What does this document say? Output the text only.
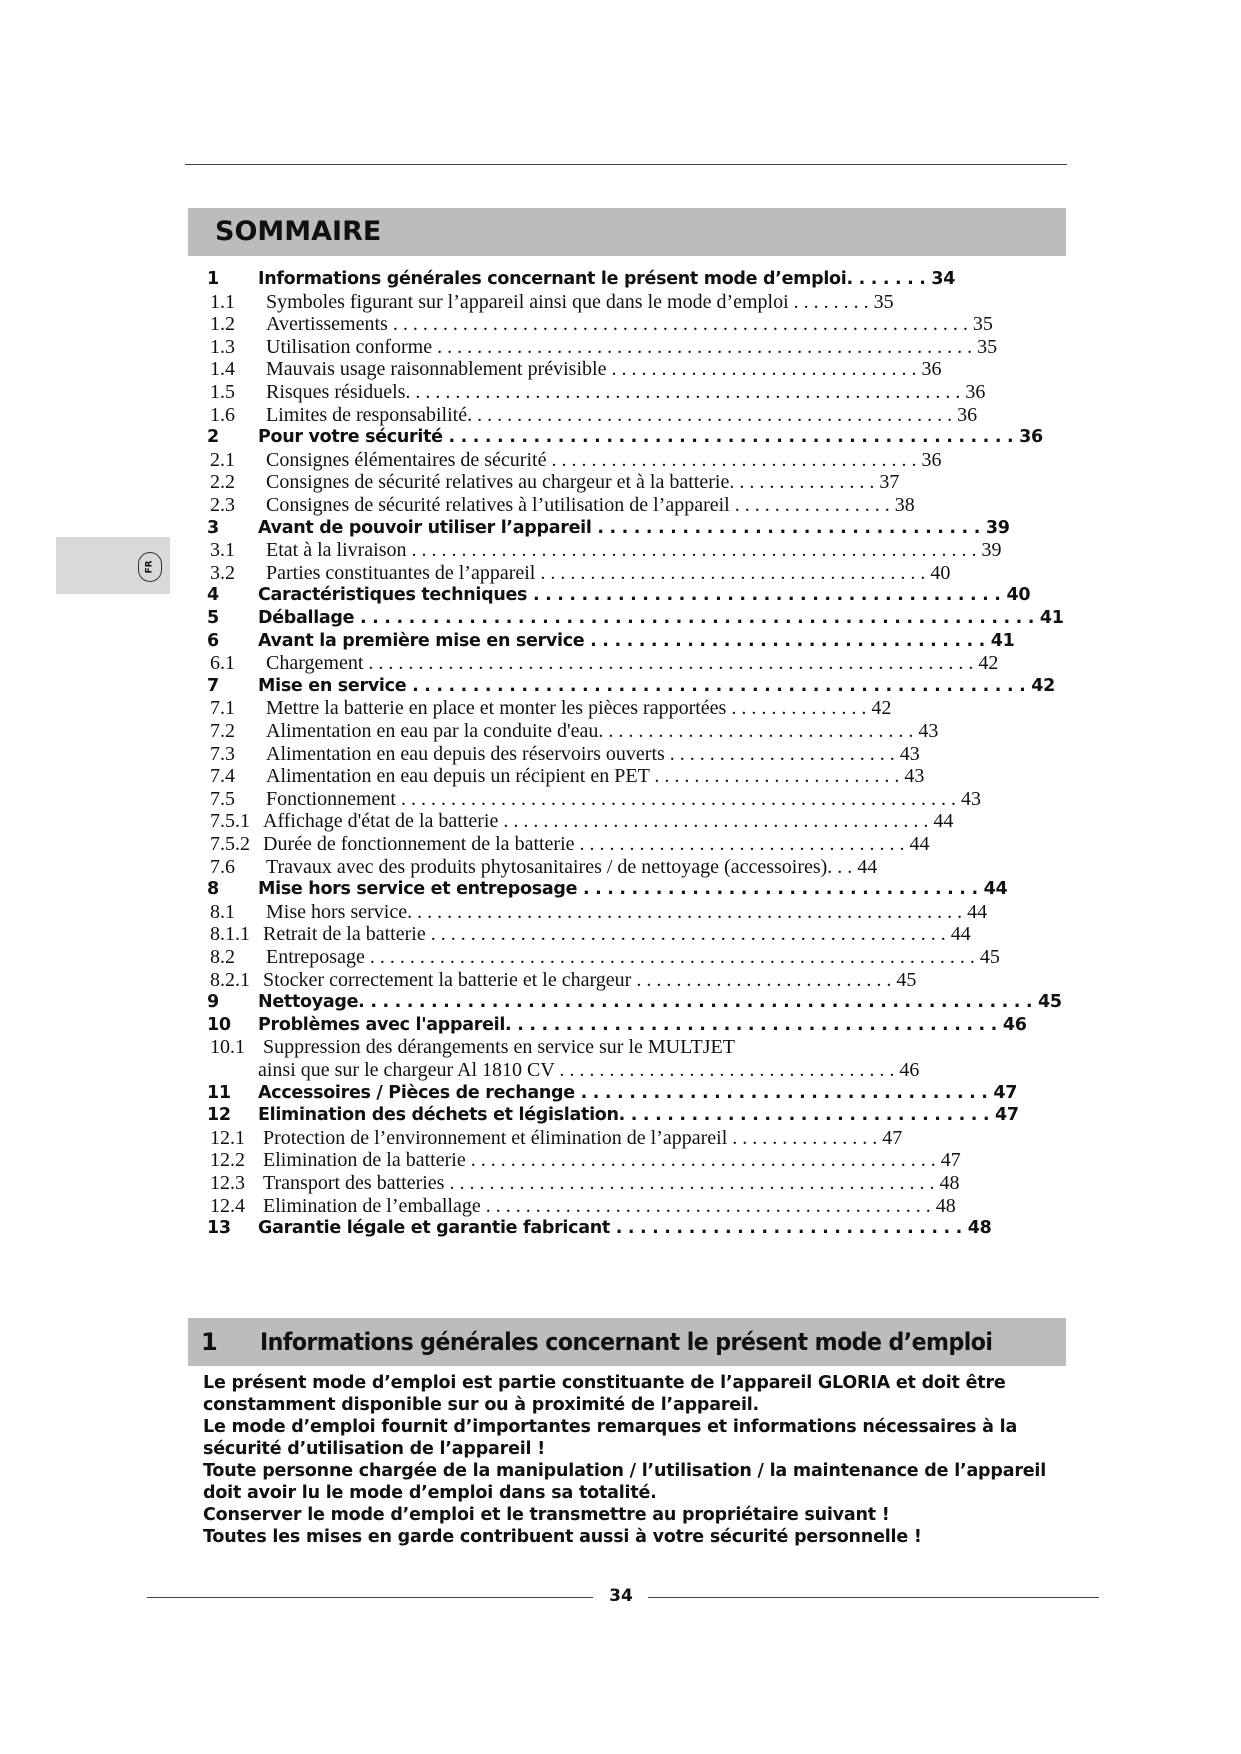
SOMMAIRE
FR
1 Informations générales concernant le présent mode d’emploi. . . . . . . 34
1.1 Symboles figurant sur l’appareil ainsi que dans le mode d’emploi . . . . . . . . 35
1.2 Avertissements . . . . . . . . . . . . . . . . . . . . . . . . . . . . . . . . . . . . . . . . . . . . . . . . . . . . . . . . . . 35
1.3 Utilisation conforme . . . . . . . . . . . . . . . . . . . . . . . . . . . . . . . . . . . . . . . . . . . . . . . . . . . . . . 35
1.4 Mauvais usage raisonnablement prévisible . . . . . . . . . . . . . . . . . . . . . . . . . . . . . . . 36
1.5 Risques résiduels. . . . . . . . . . . . . . . . . . . . . . . . . . . . . . . . . . . . . . . . . . . . . . . . . . . . . . . . 36
1.6 Limites de responsabilité. . . . . . . . . . . . . . . . . . . . . . . . . . . . . . . . . . . . . . . . . . . . . . . . . 36
2 Pour votre sécurité . . . . . . . . . . . . . . . . . . . . . . . . . . . . . . . . . . . . . . . . . . . . . . . 36
2.1 Consignes élémentaires de sécurité . . . . . . . . . . . . . . . . . . . . . . . . . . . . . . . . . . . . . 36
2.2 Consignes de sécurité relatives au chargeur et à la batterie. . . . . . . . . . . . . . . 37
2.3 Consignes de sécurité relatives à l’utilisation de l’appareil . . . . . . . . . . . . . . . . 38
3 Avant de pouvoir utiliser l’appareil . . . . . . . . . . . . . . . . . . . . . . . . . . . . . . . . 39
3.1 Etat à la livraison . . . . . . . . . . . . . . . . . . . . . . . . . . . . . . . . . . . . . . . . . . . . . . . . . . . . . . . . . 39
3.2 Parties constituantes de l’appareil . . . . . . . . . . . . . . . . . . . . . . . . . . . . . . . . . . . . . . . 40
4 Caractéristiques techniques . . . . . . . . . . . . . . . . . . . . . . . . . . . . . . . . . . . . . . . 40
5 Déballage . . . . . . . . . . . . . . . . . . . . . . . . . . . . . . . . . . . . . . . . . . . . . . . . . . . . . . . . 41
6 Avant la première mise en service . . . . . . . . . . . . . . . . . . . . . . . . . . . . . . . . . 41
6.1 Chargement . . . . . . . . . . . . . . . . . . . . . . . . . . . . . . . . . . . . . . . . . . . . . . . . . . . . . . . . . . . . . 42
7 Mise en service . . . . . . . . . . . . . . . . . . . . . . . . . . . . . . . . . . . . . . . . . . . . . . . . . . . 42
7.1 Mettre la batterie en place et monter les pièces rapportées . . . . . . . . . . . . . . 42
7.2 Alimentation en eau par la conduite d'eau. . . . . . . . . . . . . . . . . . . . . . . . . . . . . . . . 43
7.3 Alimentation en eau depuis des réservoirs ouverts . . . . . . . . . . . . . . . . . . . . . . . 43
7.4 Alimentation en eau depuis un récipient en PET . . . . . . . . . . . . . . . . . . . . . . . . . 43
7.5 Fonctionnement . . . . . . . . . . . . . . . . . . . . . . . . . . . . . . . . . . . . . . . . . . . . . . . . . . . . . . . . 43
7.5.1 Affichage d'état de la batterie . . . . . . . . . . . . . . . . . . . . . . . . . . . . . . . . . . . . . . . . . . . 44
7.5.2 Durée de fonctionnement de la batterie . . . . . . . . . . . . . . . . . . . . . . . . . . . . . . . . . 44
7.6 Travaux avec des produits phytosanitaires / de nettoyage (accessoires). . . 44
8 Mise hors service et entreposage . . . . . . . . . . . . . . . . . . . . . . . . . . . . . . . . . 44
8.1 Mise hors service. . . . . . . . . . . . . . . . . . . . . . . . . . . . . . . . . . . . . . . . . . . . . . . . . . . . . . . . 44
8.1.1 Retrait de la batterie . . . . . . . . . . . . . . . . . . . . . . . . . . . . . . . . . . . . . . . . . . . . . . . . . . . . 44
8.2 Entreposage . . . . . . . . . . . . . . . . . . . . . . . . . . . . . . . . . . . . . . . . . . . . . . . . . . . . . . . . . . . . . 45
8.2.1 Stocker correctement la batterie et le chargeur . . . . . . . . . . . . . . . . . . . . . . . . . . 45
9 Nettoyage. . . . . . . . . . . . . . . . . . . . . . . . . . . . . . . . . . . . . . . . . . . . . . . . . . . . . . . . 45
10 Problèmes avec l'appareil. . . . . . . . . . . . . . . . . . . . . . . . . . . . . . . . . . . . . . . . . 46
10.1 Suppression des dérangements en service sur le MULTJET
ainsi que sur le chargeur Al 1810 CV . . . . . . . . . . . . . . . . . . . . . . . . . . . . . . . . . . 46
11 Accessoires / Pièces de rechange . . . . . . . . . . . . . . . . . . . . . . . . . . . . . . . . . . 47
12 Elimination des déchets et législation. . . . . . . . . . . . . . . . . . . . . . . . . . . . . . . 47
12.1 Protection de l’environnement et élimination de l’appareil . . . . . . . . . . . . . . . 47
12.2 Elimination de la batterie . . . . . . . . . . . . . . . . . . . . . . . . . . . . . . . . . . . . . . . . . . . . . . . 47
12.3 Transport des batteries . . . . . . . . . . . . . . . . . . . . . . . . . . . . . . . . . . . . . . . . . . . . . . . . . 48
12.4 Elimination de l’emballage . . . . . . . . . . . . . . . . . . . . . . . . . . . . . . . . . . . . . . . . . . . . . 48
13 Garantie légale et garantie fabricant . . . . . . . . . . . . . . . . . . . . . . . . . . . . . 48
1 Informations générales concernant le présent mode d’emploi

Le présent mode d’emploi est partie constituante de l’appareil GLORIA et doit être constamment disponible sur ou à proximité de l’appareil.

Le mode d’emploi fournit d’importantes remarques et informations nécessaires à la sécurité d’utilisation de l’appareil !

Toute personne chargée de la manipulation / l’utilisation / la maintenance de l’appareil doit avoir lu le mode d’emploi dans sa totalité.

Conserver le mode d’emploi et le transmettre au propriétaire suivant !

Toutes les mises en garde contribuent aussi à votre sécurité personnelle !

34
